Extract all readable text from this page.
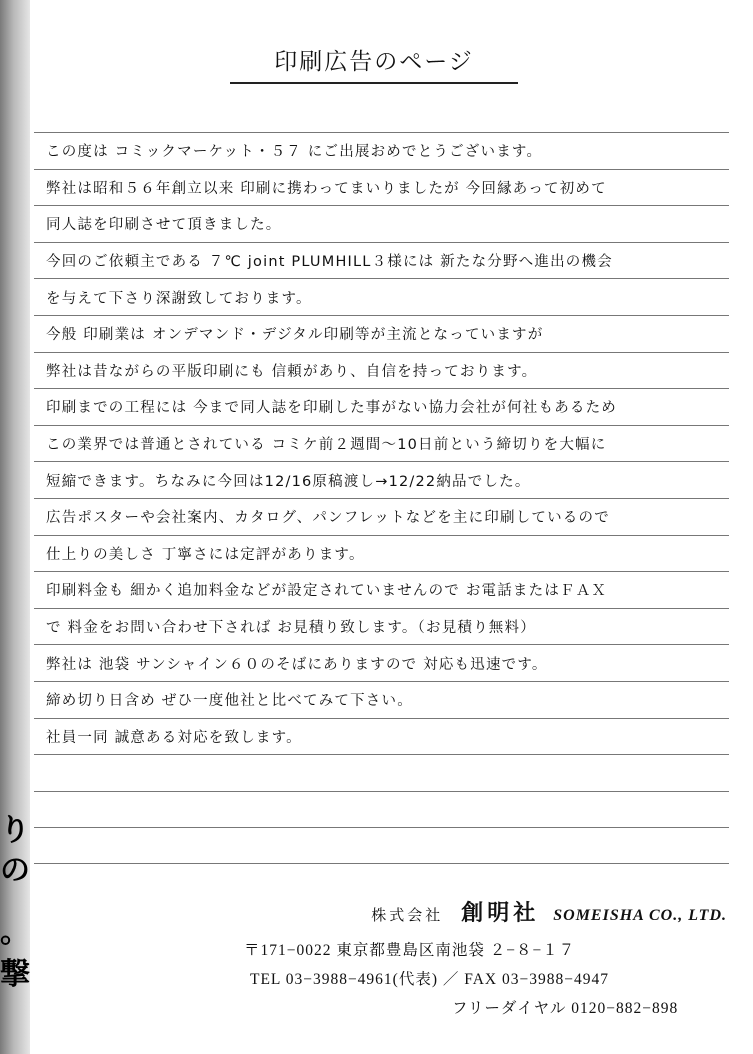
り
の
。
撃
印刷広告のページ
この度は コミックマーケット・５７ にご出展おめでとうございます。
弊社は昭和５６年創立以来 印刷に携わってまいりましたが 今回縁あって初めて
同人誌を印刷させて頂きました。
今回のご依頼主である ７℃ joint PLUMHILL３様には 新たな分野へ進出の機会
を与えて下さり深謝致しております。
今般 印刷業は オンデマンド・デジタル印刷等が主流となっていますが
弊社は昔ながらの平版印刷にも 信頼があり、自信を持っております。
印刷までの工程には 今まで同人誌を印刷した事がない協力会社が何社もあるため
この業界では普通とされている コミケ前２週間〜10日前という締切りを大幅に
短縮できます。ちなみに今回は12/16原稿渡し→12/22納品でした。
広告ポスターや会社案内、カタログ、パンフレットなどを主に印刷しているので
仕上りの美しさ 丁寧さには定評があります。
印刷料金も 細かく追加料金などが設定されていませんので お電話またはＦＡＸ
で 料金をお問い合わせ下されば お見積り致します。（お見積り無料）
弊社は 池袋 サンシャイン６０のそばにありますので 対応も迅速です。
締め切り日含め ぜひ一度他社と比べてみて下さい。
社員一同 誠意ある対応を致します。
株式会社 創明社 SOMEISHA CO., LTD.
〒171−0022 東京都豊島区南池袋 ２−８−１７
TEL 03−3988−4961(代表) ／ FAX 03−3988−4947
フリーダイヤル 0120−882−898
